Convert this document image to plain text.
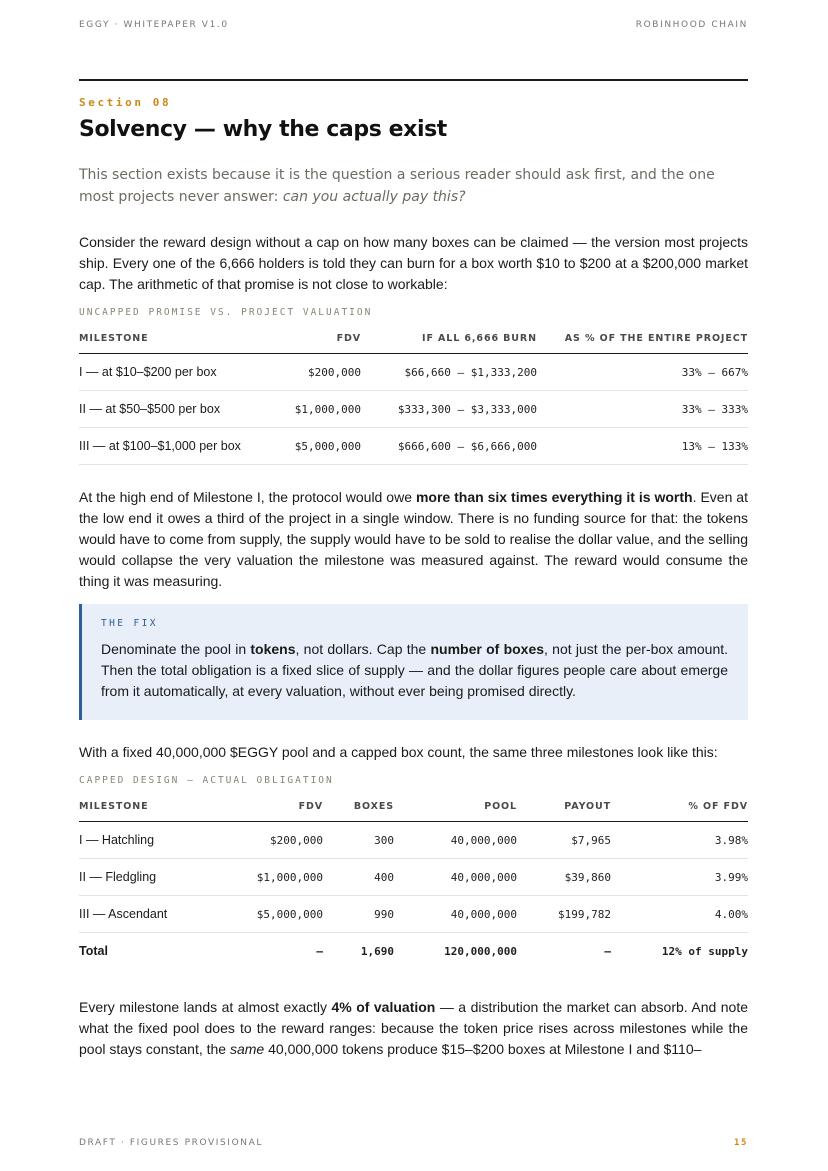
EGGY · WHITEPAPER V1.0	ROBINHOOD CHAIN
Section 08
Solvency — why the caps exist

This section exists because it is the question a serious reader should ask first, and the one most projects never answer: can you actually pay this?

Consider the reward design without a cap on how many boxes can be claimed — the version most projects ship. Every one of the 6,666 holders is told they can burn for a box worth $10 to $200 at a $200,000 market cap. The arithmetic of that promise is not close to workable:

UNCAPPED PROMISE VS. PROJECT VALUATION
MILESTONE	FDV	IF ALL 6,666 BURN	AS % OF THE ENTIRE PROJECT
I — at $10–$200 per box	$200,000	$66,660 – $1,333,200	33% – 667%
II — at $50–$500 per box	$1,000,000	$333,300 – $3,333,000	33% – 333%
III — at $100–$1,000 per box	$5,000,000	$666,600 – $6,666,000	13% – 133%

At the high end of Milestone I, the protocol would owe more than six times everything it is worth. Even at the low end it owes a third of the project in a single window. There is no funding source for that: the tokens would have to come from supply, the supply would have to be sold to realise the dollar value, and the selling would collapse the very valuation the milestone was measured against. The reward would consume the thing it was measuring.

THE FIX

Denominate the pool in tokens, not dollars. Cap the number of boxes, not just the per-box amount. Then the total obligation is a fixed slice of supply — and the dollar figures people care about emerge from it automatically, at every valuation, without ever being promised directly.

With a fixed 40,000,000 $EGGY pool and a capped box count, the same three milestones look like this:

CAPPED DESIGN — ACTUAL OBLIGATION
MILESTONE	FDV	BOXES	POOL	PAYOUT	% OF FDV
I — Hatchling	$200,000	300	40,000,000	$7,965	3.98%
II — Fledgling	$1,000,000	400	40,000,000	$39,860	3.99%
III — Ascendant	$5,000,000	990	40,000,000	$199,782	4.00%
Total	—	1,690	120,000,000	—	12% of supply

Every milestone lands at almost exactly 4% of valuation — a distribution the market can absorb. And note what the fixed pool does to the reward ranges: because the token price rises across milestones while the pool stays constant, the same 40,000,000 tokens produce $15–$200 boxes at Milestone I and $110–

DRAFT · FIGURES PROVISIONAL	15
